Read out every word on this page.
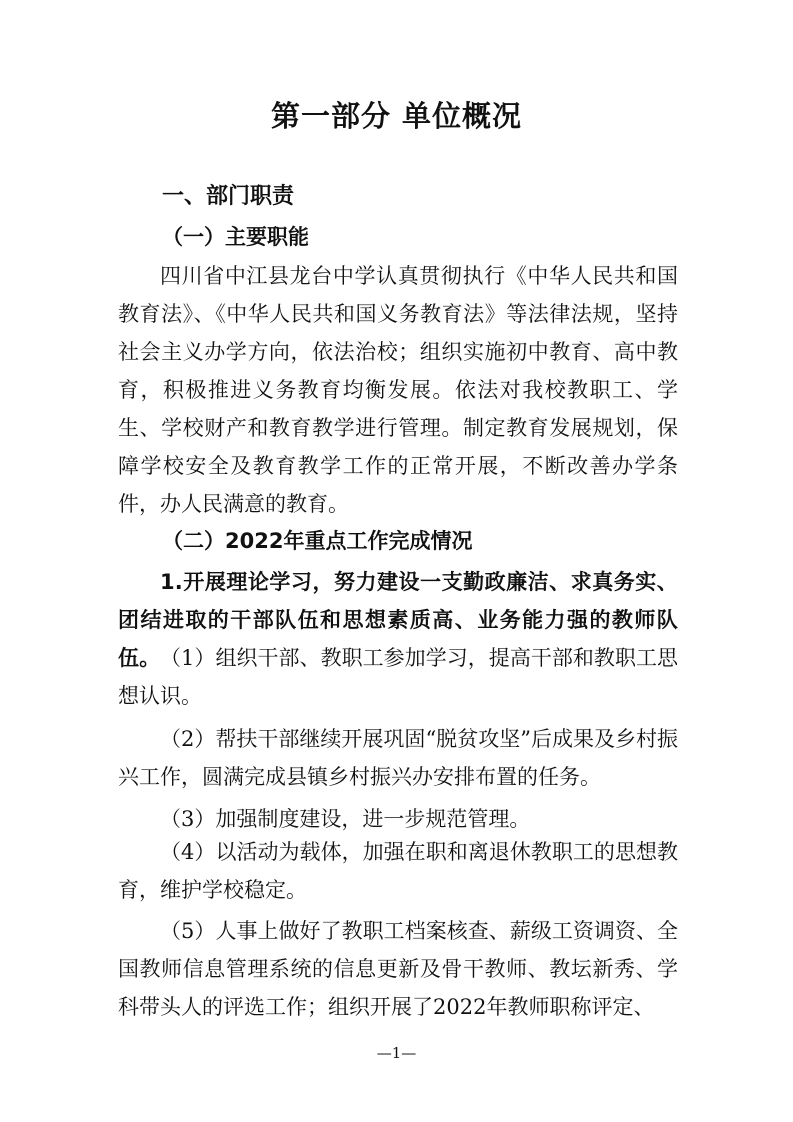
第一部分 单位概况
一、部门职责
（一）主要职能
四川省中江县龙台中学认真贯彻执行《中华人民共和国教育法》、《中华人民共和国义务教育法》等法律法规，坚持社会主义办学方向，依法治校；组织实施初中教育、高中教育，积极推进义务教育均衡发展。依法对我校教职工、学生、学校财产和教育教学进行管理。制定教育发展规划，保障学校安全及教育教学工作的正常开展，不断改善办学条件，办人民满意的教育。
（二）2022年重点工作完成情况
1.开展理论学习，努力建设一支勤政廉洁、求真务实、团结进取的干部队伍和思想素质高、业务能力强的教师队伍。 （1）组织干部、教职工参加学习，提高干部和教职工思想认识。
（2）帮扶干部继续开展巩固“脱贫攻坚”后成果及乡村振兴工作，圆满完成县镇乡村振兴办安排布置的任务。
（3）加强制度建设，进一步规范管理。
（4）以活动为载体，加强在职和离退休教职工的思想教育，维护学校稳定。
（5）人事上做好了教职工档案核查、薪级工资调资、全国教师信息管理系统的信息更新及骨干教师、教坛新秀、学科带头人的评选工作；组织开展了2022年教师职称评定、
—1—
